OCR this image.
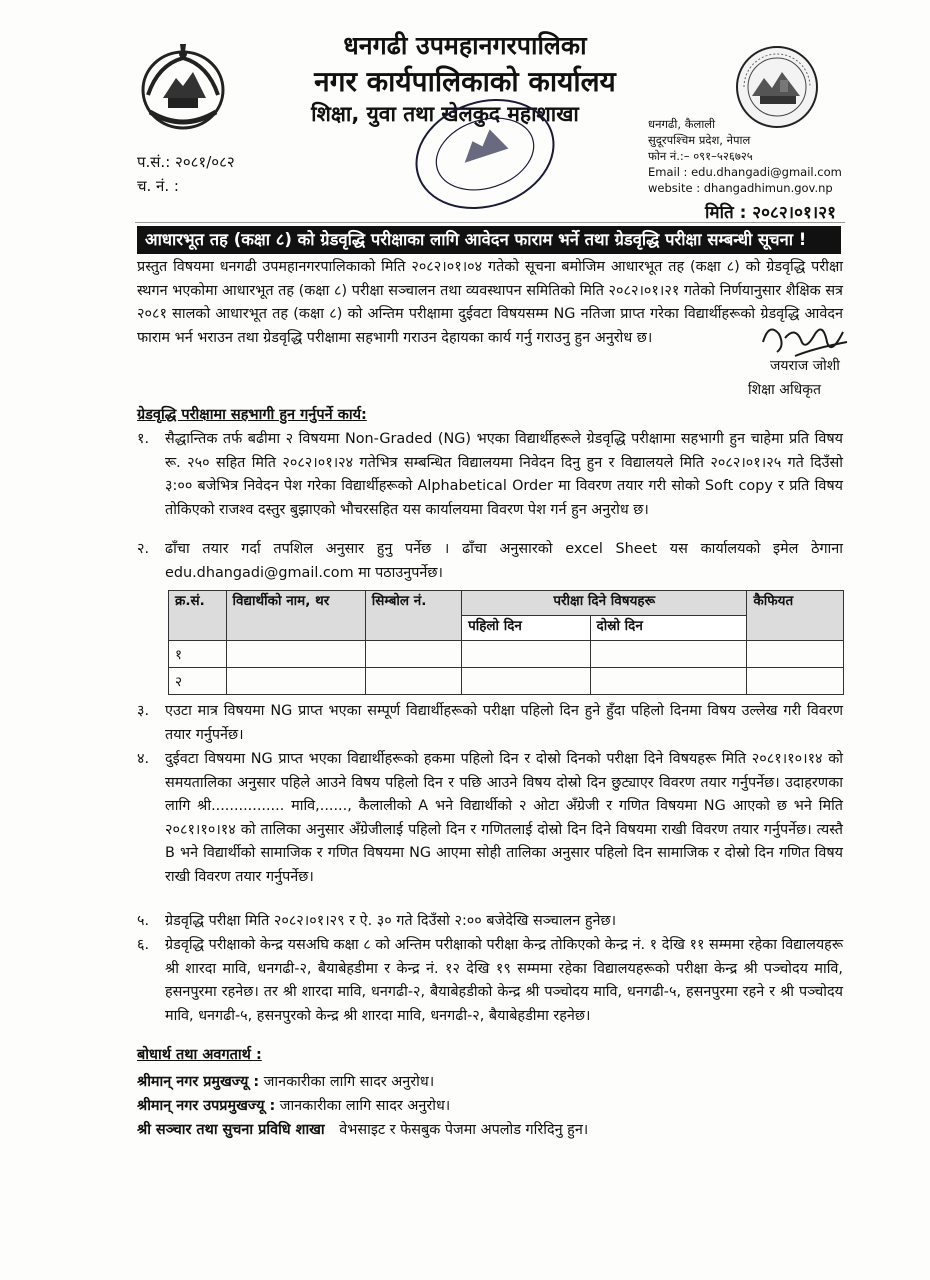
धनगढी उपमहानगरपालिका
नगर कार्यपालिकाको कार्यालय
शिक्षा, युवा तथा खेलकुद महाशाखा	धनगढी, कैलाली
सुदूरपश्चिम प्रदेश, नेपाल
फोन नं.:– ०९१–५२६७२५
Email : edu.dhangadi@gmail.com
website : dhangadhimun.gov.np
प.सं.: २०८१/०८२
च. नं. :
मिति : २०८२।०१।२१
आधारभूत तह (कक्षा ८) को ग्रेडवृद्धि परीक्षाका लागि आवेदन फाराम भर्ने तथा ग्रेडवृद्धि परीक्षा सम्बन्धी सूचना !
प्रस्तुत विषयमा धनगढी उपमहानगरपालिकाको मिति २०८२।०१।०४ गतेको सूचना बमोजिम आधारभूत तह (कक्षा ८) को ग्रेडवृद्धि परीक्षा स्थगन भएकोमा आधारभूत तह (कक्षा ८) परीक्षा सञ्चालन तथा व्यवस्थापन समितिको मिति २०८२।०१।२१ गतेको निर्णयानुसार शैक्षिक सत्र २०८१ सालको आधारभूत तह (कक्षा ८) को अन्तिम परीक्षामा दुईवटा विषयसम्म NG नतिजा प्राप्त गरेका विद्यार्थीहरूको ग्रेडवृद्धि आवेदन फाराम भर्न भराउन तथा ग्रेडवृद्धि परीक्षामा सहभागी गराउन देहायका कार्य गर्नु गराउनु हुन अनुरोध छ।
जयराज जोशी
शिक्षा अधिकृत
ग्रेडवृद्धि परीक्षामा सहभागी हुन गर्नुपर्ने कार्य:
१.	सैद्धान्तिक तर्फ बढीमा २ विषयमा Non-Graded (NG) भएका विद्यार्थीहरूले ग्रेडवृद्धि परीक्षामा सहभागी हुन चाहेमा प्रति विषय रू. २५० सहित मिति २०८२।०१।२४ गतेभित्र सम्बन्धित विद्यालयमा निवेदन दिनु हुन र विद्यालयले मिति २०८२।०१।२५ गते दिउँसो ३:०० बजेभित्र निवेदन पेश गरेका विद्यार्थीहरूको Alphabetical Order मा विवरण तयार गरी सोको Soft copy र प्रति विषय तोकिएको राजश्व दस्तुर बुझाएको भौचरसहित यस कार्यालयमा विवरण पेश गर्न हुन अनुरोध छ।
२.	ढाँचा तयार गर्दा तपशिल अनुसार हुनु पर्नेछ । ढाँचा अनुसारको excel Sheet यस कार्यालयको इमेल ठेगाना edu.dhangadi@gmail.com मा पठाउनुपर्नेछ।
क्र.सं.	विद्यार्थीको नाम, थर	सिम्बोल नं.	परीक्षा दिने विषयहरू		कैफियत
			पहिलो दिन	दोस्रो दिन	
१					
२					
३.	एउटा मात्र विषयमा NG प्राप्त भएका सम्पूर्ण विद्यार्थीहरूको परीक्षा पहिलो दिन हुने हुँदा पहिलो दिनमा विषय उल्लेख गरी विवरण तयार गर्नुपर्नेछ।
४.	दुईवटा विषयमा NG प्राप्त भएका विद्यार्थीहरूको हकमा पहिलो दिन र दोस्रो दिनको परीक्षा दिने विषयहरू मिति २०८१।१०।१४ को समयतालिका अनुसार पहिले आउने विषय पहिलो दिन र पछि आउने विषय दोस्रो दिन छुट्याएर विवरण तयार गर्नुपर्नेछ। उदाहरणका लागि श्री................ मावि,......, कैलालीको A भने विद्यार्थीको २ ओटा अँग्रेजी र गणित विषयमा NG आएको छ भने मिति २०८१।१०।१४ को तालिका अनुसार अँग्रेजीलाई पहिलो दिन र गणितलाई दोस्रो दिन दिने विषयमा राखी विवरण तयार गर्नुपर्नेछ। त्यस्तै B भने विद्यार्थीको सामाजिक र गणित विषयमा NG आएमा सोही तालिका अनुसार पहिलो दिन सामाजिक र दोस्रो दिन गणित विषय राखी विवरण तयार गर्नुपर्नेछ।
५.	ग्रेडवृद्धि परीक्षा मिति २०८२।०१।२९ र ऐ. ३० गते दिउँसो २:०० बजेदेखि सञ्चालन हुनेछ।
६.	ग्रेडवृद्धि परीक्षाको केन्द्र यसअघि कक्षा ८ को अन्तिम परीक्षाको परीक्षा केन्द्र तोकिएको केन्द्र नं. १ देखि ११ सम्ममा रहेका विद्यालयहरू श्री शारदा मावि, धनगढी-२, बैयाबेहडीमा र केन्द्र नं. १२ देखि १९ सम्ममा रहेका विद्यालयहरूको परीक्षा केन्द्र श्री पञ्चोदय मावि, हसनपुरमा रहनेछ। तर श्री शारदा मावि, धनगढी-२, बैयाबेहडीको केन्द्र श्री पञ्चोदय मावि, धनगढी-५, हसनपुरमा रहने र श्री पञ्चोदय मावि, धनगढी-५, हसनपुरको केन्द्र श्री शारदा मावि, धनगढी-२, बैयाबेहडीमा रहनेछ।
बोधार्थ तथा अवगतार्थ :
श्रीमान् नगर प्रमुखज्यू : जानकारीका लागि सादर अनुरोध।
श्रीमान् नगर उपप्रमुखज्यू : जानकारीका लागि सादर अनुरोध।
श्री सञ्चार तथा सुचना प्रविधि शाखा वेभसाइट र फेसबुक पेजमा अपलोड गरिदिनु हुन।
